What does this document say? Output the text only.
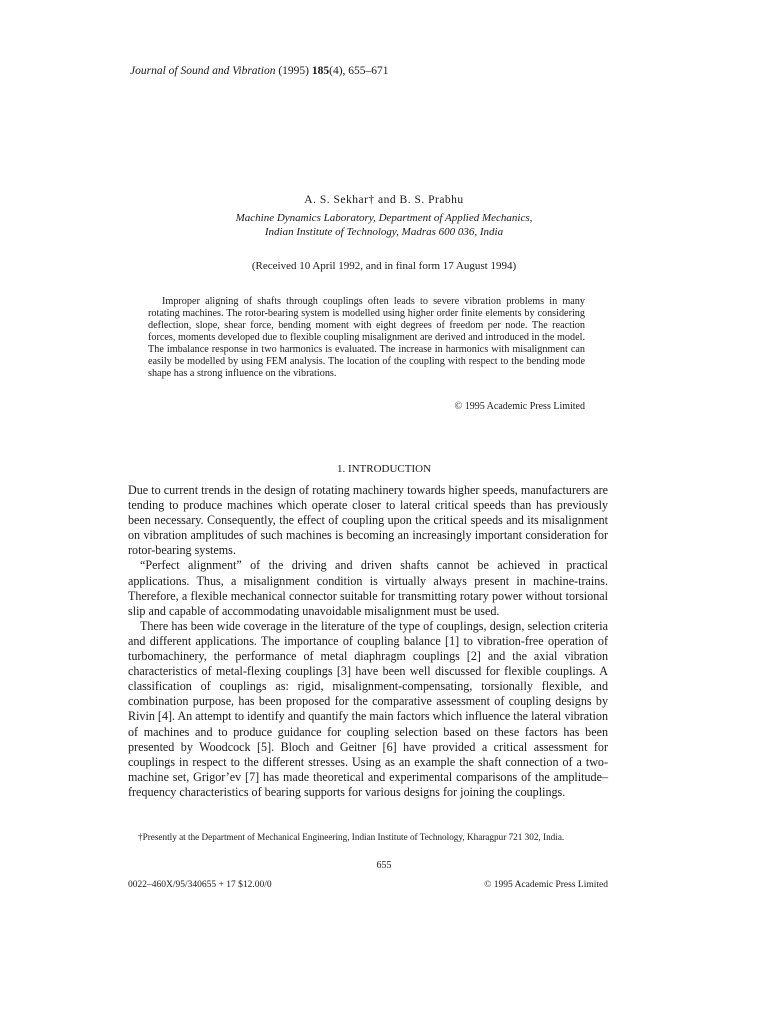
Journal of Sound and Vibration (1995) 185(4), 655–671
A. S. Sekhar† and B. S. Prabhu
Machine Dynamics Laboratory, Department of Applied Mechanics,
Indian Institute of Technology, Madras 600 036, India
(Received 10 April 1992, and in final form 17 August 1994)
Improper aligning of shafts through couplings often leads to severe vibration problems in many rotating machines. The rotor-bearing system is modelled using higher order finite elements by considering deflection, slope, shear force, bending moment with eight degrees of freedom per node. The reaction forces, moments developed due to flexible coupling misalignment are derived and introduced in the model. The imbalance response in two harmonics is evaluated. The increase in harmonics with misalignment can easily be modelled by using FEM analysis. The location of the coupling with respect to the bending mode shape has a strong influence on the vibrations.
© 1995 Academic Press Limited
1. INTRODUCTION

Due to current trends in the design of rotating machinery towards higher speeds, manufacturers are tending to produce machines which operate closer to lateral critical speeds than has previously been necessary. Consequently, the effect of coupling upon the critical speeds and its misalignment on vibration amplitudes of such machines is becoming an increasingly important consideration for rotor-bearing systems.

“Perfect alignment” of the driving and driven shafts cannot be achieved in practical applications. Thus, a misalignment condition is virtually always present in machine-trains. Therefore, a flexible mechanical connector suitable for transmitting rotary power without torsional slip and capable of accommodating unavoidable misalignment must be used.

There has been wide coverage in the literature of the type of couplings, design, selection criteria and different applications. The importance of coupling balance [1] to vibration-free operation of turbomachinery, the performance of metal diaphragm couplings [2] and the axial vibration characteristics of metal-flexing couplings [3] have been well discussed for flexible couplings. A classification of couplings as: rigid, misalignment-compensating, torsionally flexible, and combination purpose, has been proposed for the comparative assessment of coupling designs by Rivin [4]. An attempt to identify and quantify the main factors which influence the lateral vibration of machines and to produce guidance for coupling selection based on these factors has been presented by Woodcock [5]. Bloch and Geitner [6] have provided a critical assessment for couplings in respect to the different stresses. Using as an example the shaft connection of a two-machine set, Grigor’ev [7] has made theoretical and experimental comparisons of the amplitude–frequency characteristics of bearing supports for various designs for joining the couplings.

†Presently at the Department of Mechanical Engineering, Indian Institute of Technology, Kharagpur 721 302, India.
655
0022–460X/95/340655 + 17 $12.00/0	© 1995 Academic Press Limited
